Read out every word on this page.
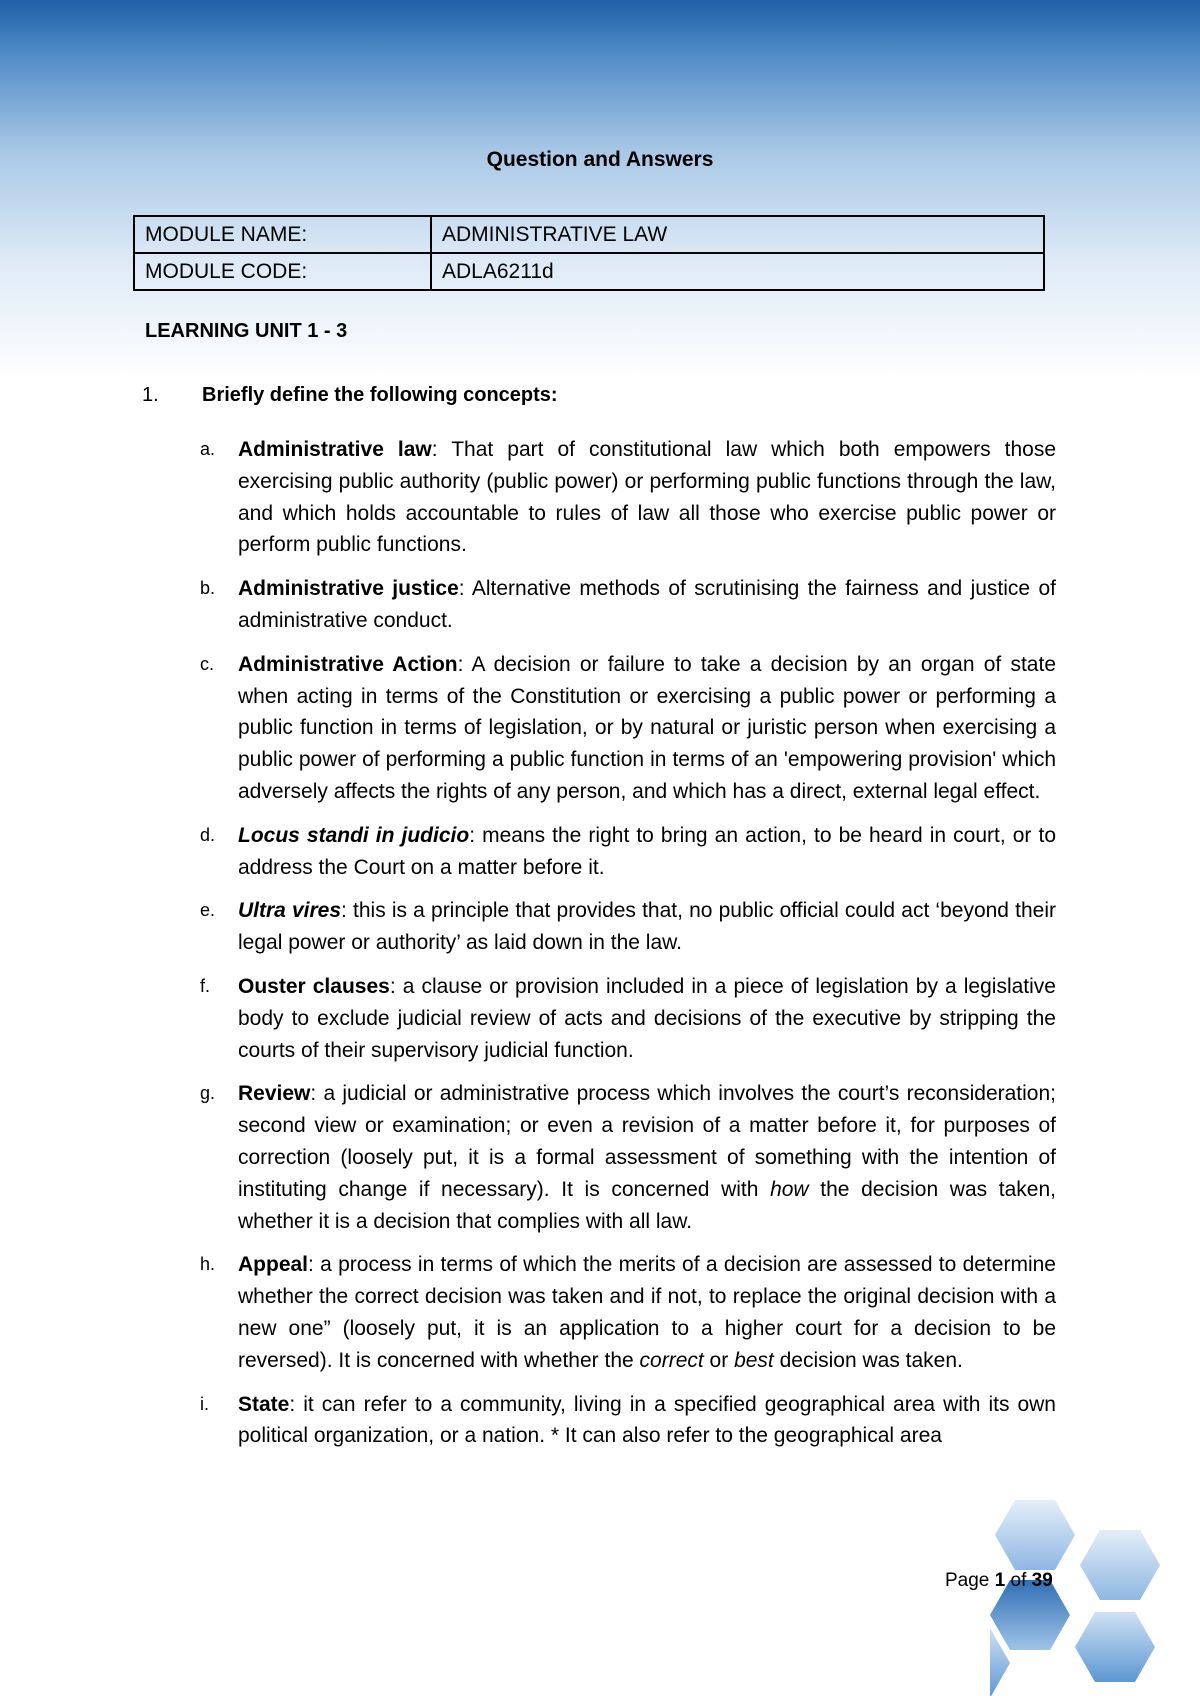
Question and Answers
MODULE NAME:	ADMINISTRATIVE LAW
MODULE CODE:	ADLA6211d
LEARNING UNIT 1 - 3
1. Briefly define the following concepts:
a. Administrative law: That part of constitutional law which both empowers those exercising public authority (public power) or performing public functions through the law, and which holds accountable to rules of law all those who exercise public power or perform public functions.
b. Administrative justice: Alternative methods of scrutinising the fairness and justice of administrative conduct.
c. Administrative Action: A decision or failure to take a decision by an organ of state when acting in terms of the Constitution or exercising a public power or performing a public function in terms of legislation, or by natural or juristic person when exercising a public power of performing a public function in terms of an 'empowering provision' which adversely affects the rights of any person, and which has a direct, external legal effect.
d. Locus standi in judicio: means the right to bring an action, to be heard in court, or to address the Court on a matter before it.
e. Ultra vires: this is a principle that provides that, no public official could act ‘beyond their legal power or authority’ as laid down in the law.
f. Ouster clauses: a clause or provision included in a piece of legislation by a legislative body to exclude judicial review of acts and decisions of the executive by stripping the courts of their supervisory judicial function.
g. Review: a judicial or administrative process which involves the court’s reconsideration; second view or examination; or even a revision of a matter before it, for purposes of correction (loosely put, it is a formal assessment of something with the intention of instituting change if necessary). It is concerned with how the decision was taken, whether it is a decision that complies with all law.
h. Appeal: a process in terms of which the merits of a decision are assessed to determine whether the correct decision was taken and if not, to replace the original decision with a new one” (loosely put, it is an application to a higher court for a decision to be reversed). It is concerned with whether the correct or best decision was taken.
i. State: it can refer to a community, living in a specified geographical area with its own political organization, or a nation. * It can also refer to the geographical area
Page 1 of 39
